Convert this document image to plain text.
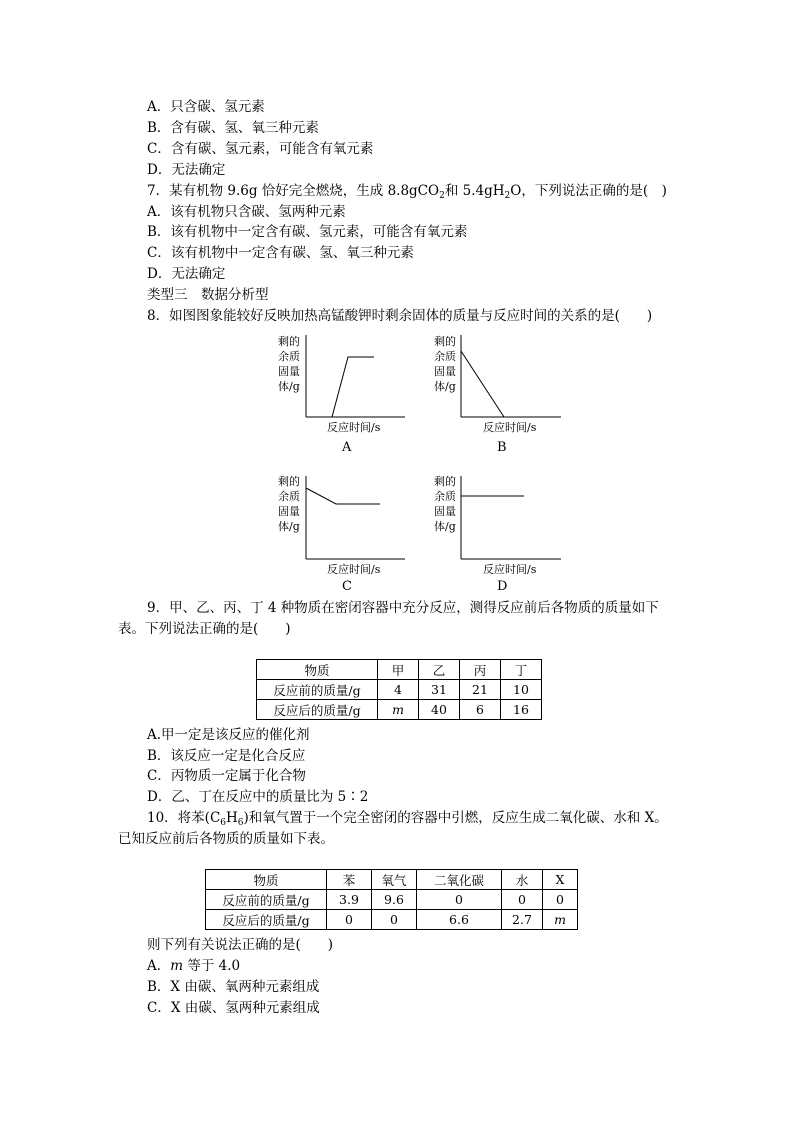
A．只含碳、氢元素
B．含有碳、氢、氧三种元素
C．含有碳、氢元素，可能含有氧元素
D．无法确定
7．某有机物 9.6g 恰好完全燃烧，生成 8.8gCO$_2$和 $5.4gH_2O$，下列说法正确的是(　)
A．该有机物只含碳、氢两种元素
B．该有机物中一定含有碳、氢元素，可能含有氧元素
C．该有机物中一定含有碳、氢、氧三种元素
D．无法确定
类型三　数据分析型
8．如图图象能较好反映加热高锰酸钾时剩余固体的质量与反应时间的关系的是(　　)
剩的
余质
固量
体/g
反应时间/s
A
剩的
余质
固量
体/g
反应时间/s
B
剩的
余质
固量
体/g
反应时间/s
C
剩的
余质
固量
体/g
反应时间/s
D
9．甲、乙、丙、丁 4 种物质在密闭容器中充分反应，测得反应前后各物质的质量如下
表。下列说法正确的是(　　)
物质	甲	乙	丙	丁
反应前的质量/g	4	31	21	10
反应后的质量/g	m	40	6	16
A.甲一定是该反应的催化剂
B．该反应一定是化合反应
C．丙物质一定属于化合物
D．乙、丁在反应中的质量比为 5∶2
10．将苯$(C_6H_6)$和氧气置于一个完全密闭的容器中引燃，反应生成二氧化碳、水和 X。
已知反应前后各物质的质量如下表。
物质	苯	氧气	二氧化碳	水	X
反应前的质量/g	3.9	9.6	0	0	0
反应后的质量/g	0	0	6.6	2.7	m
则下列有关说法正确的是(　　)
A．m 等于 4.0
B．X 由碳、氧两种元素组成
C．X 由碳、氢两种元素组成
